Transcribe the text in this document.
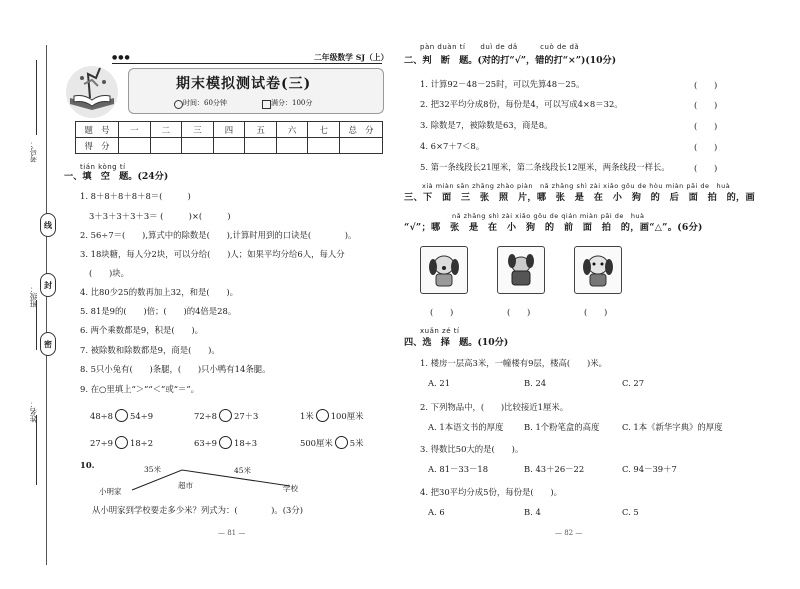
考号：
班级：
姓名：
线
封
密
二年级数学 SJ（上）
●●●
期末模拟测试卷(三)
时间：60分钟	满分：100分
题　号	一	二	三	四	五	六	七	总　分
得　分								
tián kòng tí
一、填　空　题。(24分)
1. 8＋8＋8＋8＋8＝(　　　)
3＋3＋3＋3＋3＝ (　　　)×(　　　)
2. 56÷7＝(　　),算式中的除数是(　　),计算时用到的口诀是(　　　　)。
3. 18块糖，每人分2块，可以分给(　　)人；如果平均分给6人，每人分
(　　)块。
4. 比80少25的数再加上32，和是(　　)。
5. 81是9的(　　)倍；(　　)的4倍是28。
6. 两个乘数都是9，积是(　　)。
7. 被除数和除数都是9，商是(　　)。
8. 5只小兔有(　　)条腿，(　　)只小鸭有14条腿。
9. 在○里填上“＞”“＜”或“＝”。
48÷8 54÷9	72÷8 27＋3	1米 100厘米
27÷9 18÷2	63÷9 18÷3	500厘米 5米
10.	35米	45米
小明家
超市	学校
从小明家到学校要走多少米？列式为：(　　　　)。(3分)
— 81 —
pàn duàn tí　　duì de dǎ　　　cuò de dǎ
二、判　断　题。(对的打“√”，错的打“×”)(10分)
1. 计算92－48－25时，可以先算48－25。	(　　)
2. 把32平均分成8份，每份是4，可以写成4×8＝32。	(　　)
3. 除数是7，被除数是63，商是8。	(　　)
4. 6×7＋7＜8。	(　　)
5. 第一条线段长21厘米，第二条线段长12厘米，两条线段一样长。	(　　)
xià miàn sān zhāng zhào piàn　nǎ zhāng shì zài xiǎo gǒu de hòu miàn pāi de　huà
三、下　面　三　张　照　片，哪　张　是　在　小　狗　的　后　面　拍　的，画
nǎ zhāng shì zài xiǎo gǒu de qián miàn pāi de　huà
“√”；哪　张　是　在　小　狗　的　前　面　拍　的，画“△”。(6分)
(　　)	(　　)	(　　)
xuǎn zé tí
四、选　择　题。(10分)
1. 楼房一层高3米，一幢楼有9层，楼高(　　)米。
A. 21	B. 24	C. 27
2. 下列物品中，(　　)比较接近1厘米。
A. 1本语文书的厚度 B. 1个粉笔盒的高度	C. 1本《新华字典》的厚度
3. 得数比50大的是(　　)。
A. 81－33－18	B. 43＋26－22	C. 94－39＋7
4. 把30平均分成5份，每份是(　　)。
A. 6	B. 4	C. 5
— 82 —
